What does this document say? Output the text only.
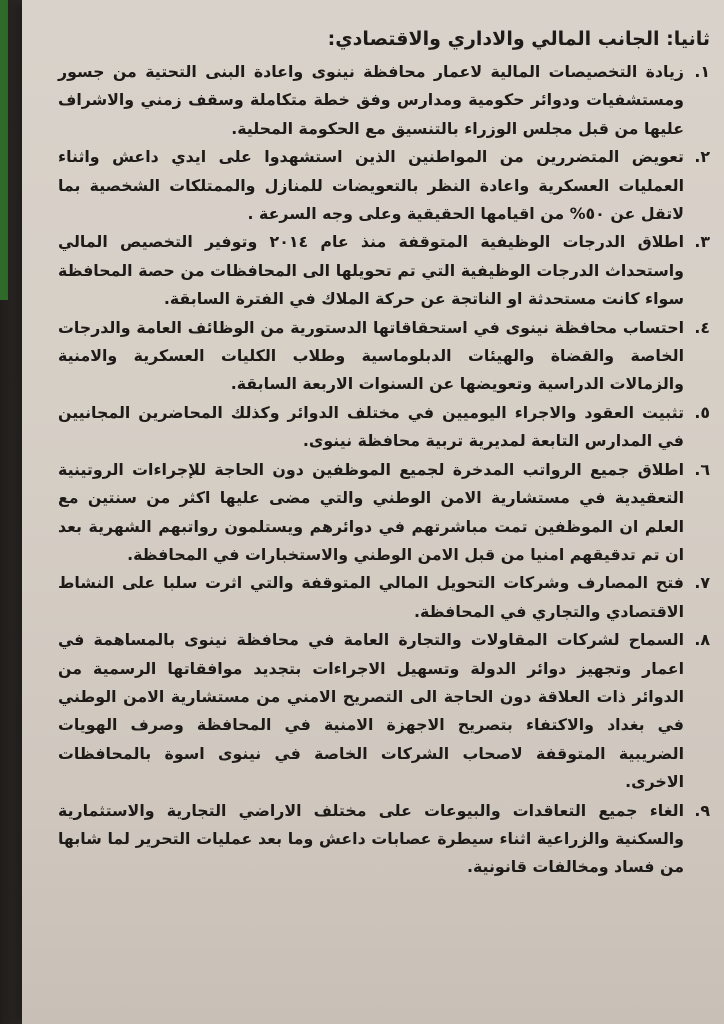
ثانيا: الجانب المالي والاداري والاقتصادي:
١.
زيادة التخصيصات المالية لاعمار محافظة نينوى واعادة البنى التحتية من جسور ومستشفيات ودوائر حكومية ومدارس وفق خطة متكاملة وسقف زمني والاشراف عليها من قبل مجلس الوزراء بالتنسيق مع الحكومة المحلية.
٢.
تعويض المتضررين من المواطنين الذين استشهدوا على ايدي داعش واثناء العمليات العسكرية واعادة النظر بالتعويضات للمنازل والممتلكات الشخصية بما لاتقل عن ٥٠% من اقيامها الحقيقية وعلى وجه السرعة .
٣.
اطلاق الدرجات الوظيفية المتوقفة منذ عام ٢٠١٤ وتوفير التخصيص المالي واستحداث الدرجات الوظيفية التي تم تحويلها الى المحافظات من حصة المحافظة سواء كانت مستحدثة او الناتجة عن حركة الملاك في الفترة السابقة.
٤.
احتساب محافظة نينوى في استحقاقاتها الدستورية من الوظائف العامة والدرجات الخاصة والقضاة والهيئات الدبلوماسية وطلاب الكليات العسكرية والامنية والزمالات الدراسية وتعويضها عن السنوات الاربعة السابقة.
٥.
تثبيت العقود والاجراء اليوميين في مختلف الدوائر وكذلك المحاضرين المجانيين في المدارس التابعة لمديرية تربية محافظة نينوى.
٦.
اطلاق جميع الرواتب المدخرة لجميع الموظفين دون الحاجة للإجراءات الروتينية التعقيدية في مستشارية الامن الوطني والتي مضى عليها اكثر من سنتين مع العلم ان الموظفين تمت مباشرتهم في دوائرهم ويستلمون رواتبهم الشهرية بعد ان تم تدقيقهم امنيا من قبل الامن الوطني والاستخبارات في المحافظة.
٧.
فتح المصارف وشركات التحويل المالي المتوقفة والتي اثرت سلبا على النشاط الاقتصادي والتجاري في المحافظة.
٨.
السماح لشركات المقاولات والتجارة العامة في محافظة نينوى بالمساهمة في اعمار وتجهيز دوائر الدولة وتسهيل الاجراءات بتجديد موافقاتها الرسمية من الدوائر ذات العلاقة دون الحاجة الى التصريح الامني من مستشارية الامن الوطني في بغداد والاكتفاء بتصريح الاجهزة الامنية في المحافظة وصرف الهويات الضريبية المتوقفة لاصحاب الشركات الخاصة في نينوى اسوة بالمحافظات الاخرى.
٩.
الغاء جميع التعاقدات والبيوعات على مختلف الاراضي التجارية والاستثمارية والسكنية والزراعية اثناء سيطرة عصابات داعش وما بعد عمليات التحرير لما شابها من فساد ومخالفات قانونية.
